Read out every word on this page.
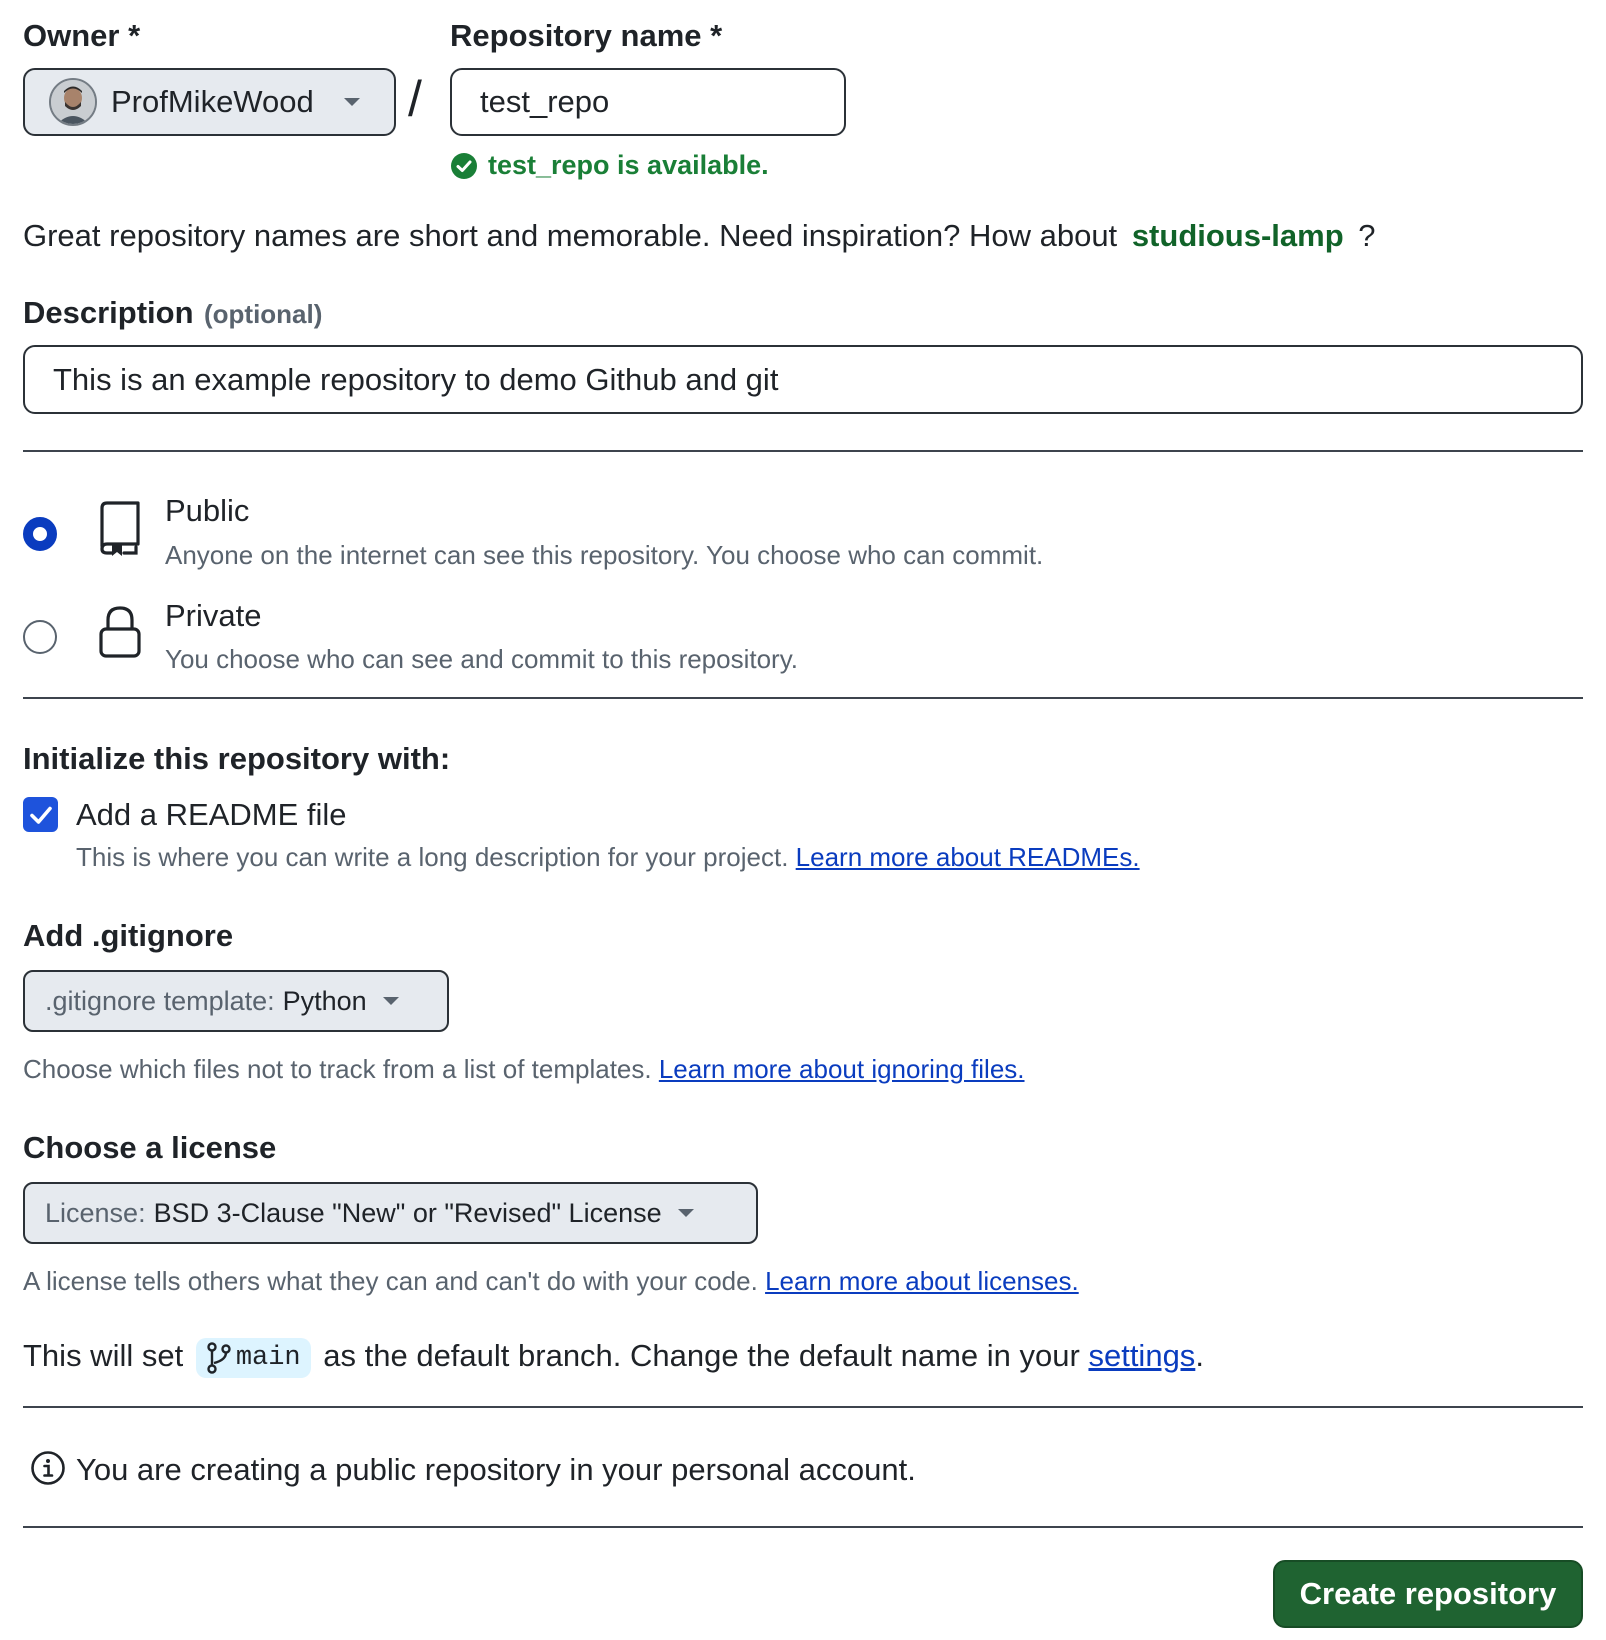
Owner *
ProfMikeWood /
Repository name *
test_repo
test_repo is available.
Great repository names are short and memorable. Need inspiration? How about studious-lamp ?
Description (optional)
This is an example repository to demo Github and git
Public
Anyone on the internet can see this repository. You choose who can commit.
Private
You choose who can see and commit to this repository.
Initialize this repository with:
Add a README file
This is where you can write a long description for your project. Learn more about READMEs.
Add .gitignore
.gitignore template: Python
Choose which files not to track from a list of templates. Learn more about ignoring files.
Choose a license
License: BSD 3-Clause "New" or "Revised" License
A license tells others what they can and can't do with your code. Learn more about licenses.
This will set main as the default branch. Change the default name in your settings.
You are creating a public repository in your personal account.
Create repository
